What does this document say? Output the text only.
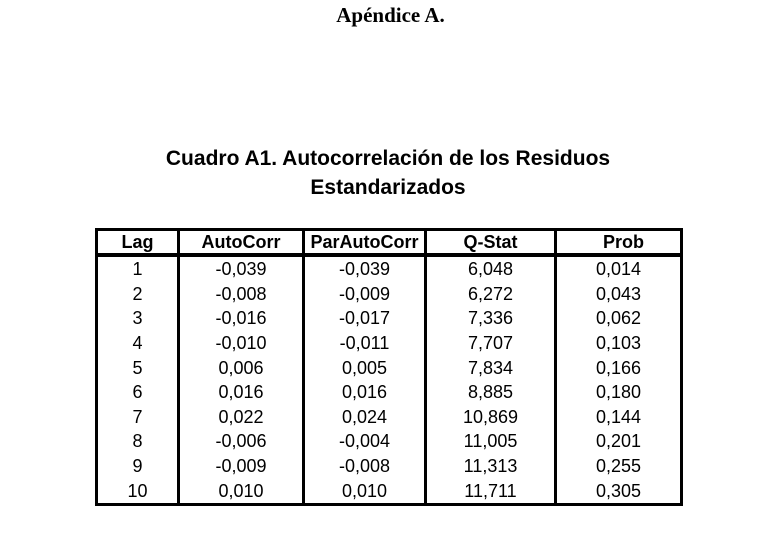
Apéndice A.
Cuadro A1. Autocorrelación de los Residuos
Estandarizados
Lag	AutoCorr	ParAutoCorr	Q-Stat	Prob
1	-0,039	-0,039	6,048	0,014
2	-0,008	-0,009	6,272	0,043
3	-0,016	-0,017	7,336	0,062
4	-0,010	-0,011	7,707	0,103
5	0,006	0,005	7,834	0,166
6	0,016	0,016	8,885	0,180
7	0,022	0,024	10,869	0,144
8	-0,006	-0,004	11,005	0,201
9	-0,009	-0,008	11,313	0,255
10	0,010	0,010	11,711	0,305
